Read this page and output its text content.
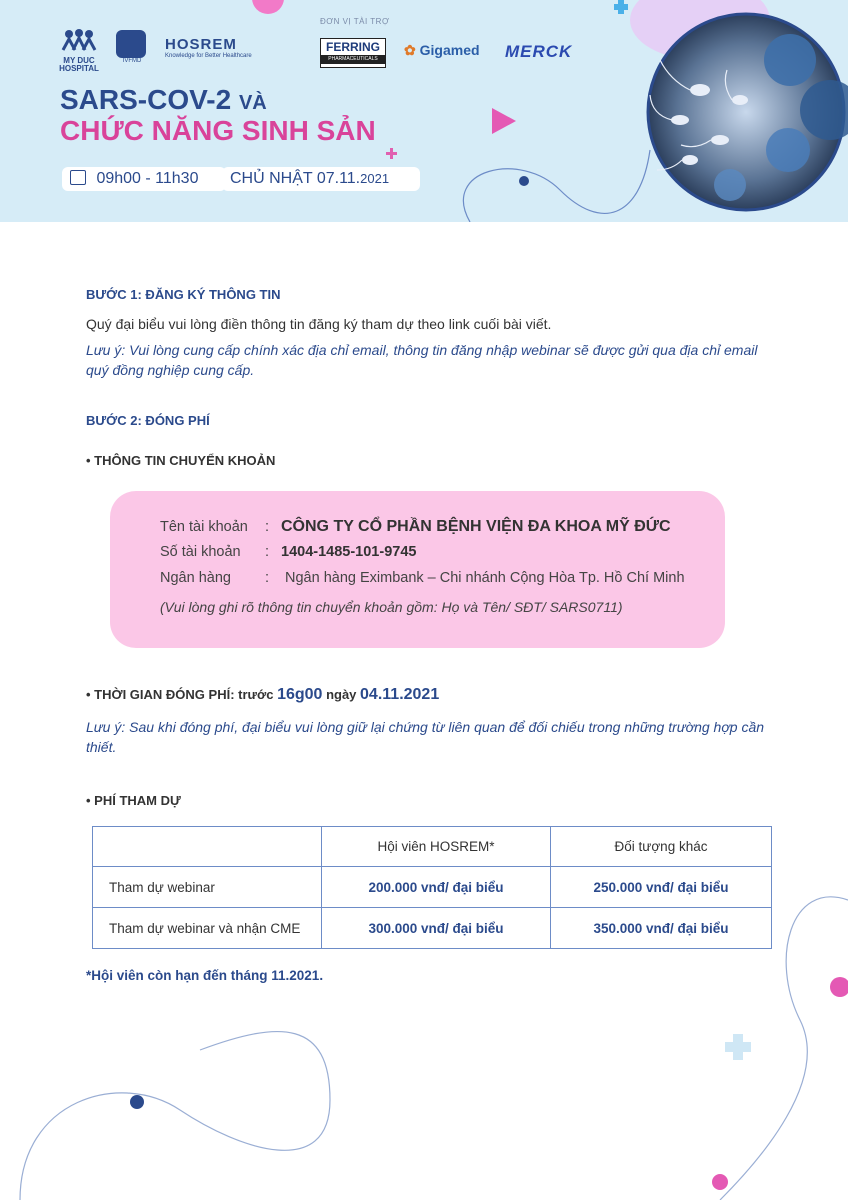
MY DUC
HOSPITAL
IVFMD
HOSREM
Knowledge for Better Healthcare
ĐƠN VỊ TÀI TRỢ
FERRING
PHARMACEUTICALS
✿ Gigamed MERCK
SARS-COV-2 VÀ
CHỨC NĂNG SINH SẢN
09h00 - 11h30	CHỦ NHẬT 07.11.2021
BƯỚC 1: ĐĂNG KÝ THÔNG TIN
Quý đại biểu vui lòng điền thông tin đăng ký tham dự theo link cuối bài viết.
Lưu ý: Vui lòng cung cấp chính xác địa chỉ email, thông tin đăng nhập webinar sẽ được gửi qua địa chỉ email quý đồng nghiệp cung cấp.
BƯỚC 2: ĐÓNG PHÍ
• THÔNG TIN CHUYỂN KHOẢN
Tên tài khoản : CÔNG TY CỔ PHẦN BỆNH VIỆN ĐA KHOA MỸ ĐỨC
Số tài khoản : 1404-1485-101-9745
Ngân hàng : Ngân hàng Eximbank – Chi nhánh Cộng Hòa Tp. Hồ Chí Minh
(Vui lòng ghi rõ thông tin chuyển khoản gồm: Họ và Tên/ SĐT/ SARS0711)
• THỜI GIAN ĐÓNG PHÍ: trước 16g00 ngày 04.11.2021
Lưu ý: Sau khi đóng phí, đại biểu vui lòng giữ lại chứng từ liên quan để đối chiếu trong những trường hợp cần thiết.
• PHÍ THAM DỰ
	Hội viên HOSREM*	Đối tượng khác
Tham dự webinar	200.000 vnđ/ đại biểu	250.000 vnđ/ đại biểu
Tham dự webinar và nhận CME	300.000 vnđ/ đại biểu	350.000 vnđ/ đại biểu
*Hội viên còn hạn đến tháng 11.2021.
